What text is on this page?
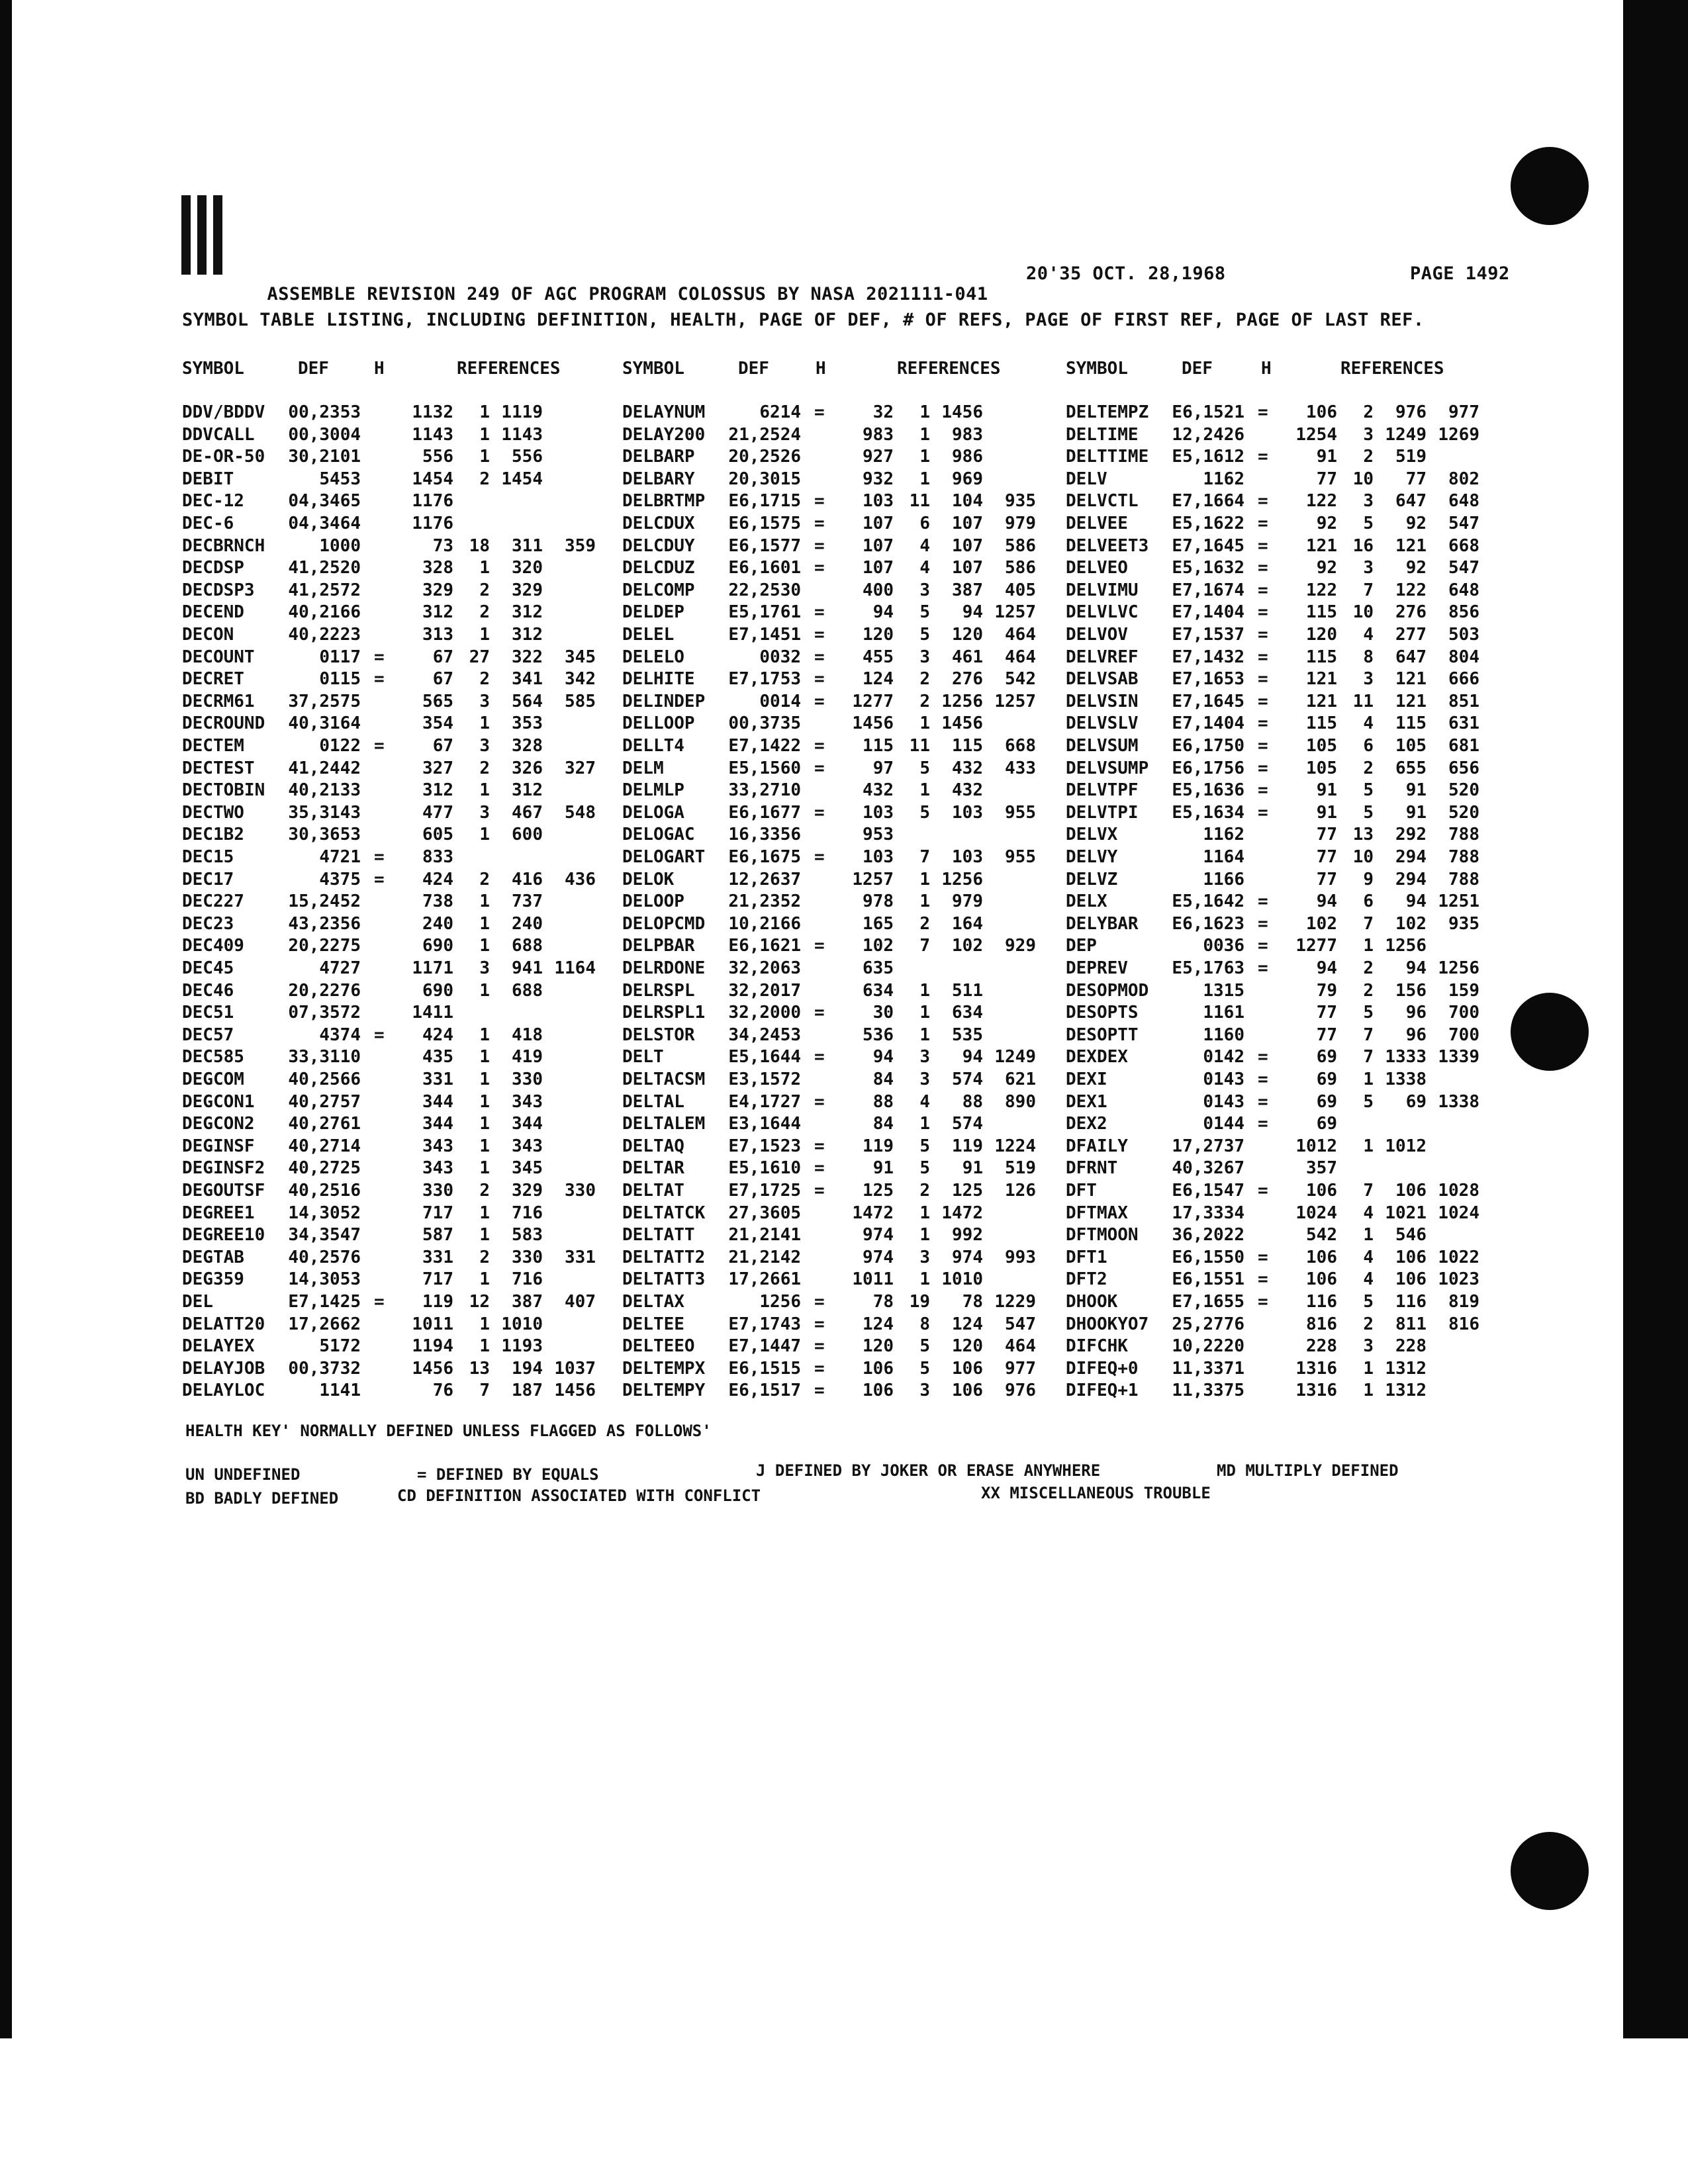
ASSEMBLE REVISION 249 OF AGC PROGRAM COLOSSUS BY NASA 2021111-041

20'35 OCT. 28,1968

	PAGE 1492

SYMBOL TABLE LISTING, INCLUDING DEFINITION, HEALTH, PAGE OF DEF, # OF REFS, PAGE OF FIRST REF, PAGE OF LAST REF.
SYMBOL	DEF	H	REFERENCES	SYMBOL	DEF	H	REFERENCES	SYMBOL	DEF	H	REFERENCES
DDV/BDDV	00,2353	1132	1 1119	DELAYNUM	6214 =	32	1 1456	DELTEMPZ	E6,1521 =	106	2	976	977
DDVCALL	00,3004	1143	1 1143	DELAY200	21,2524	983	1	983	DELTIME	12,2426	1254	3 1249 1269
DE-OR-50	30,2101	556	1	556	DELBARP	20,2526	927	1	986	DELTTIME	E5,1612 =	91	2	519
DEBIT	5453	1454	2 1454	DELBARY	20,3015	932	1	969	DELV	1162	77 10	77	802
DEC-12	04,3465	1176	DELBRTMP	E6,1715 =	103 11	104	935 DELVCTL	E7,1664 =	122	3	647	648
DEC-6	04,3464	1176	DELCDUX	E6,1575 =	107	6	107	979 DELVEE	E5,1622 =	92	5	92	547
DECBRNCH	1000	73 18	311	359 DELCDUY	E6,1577 =	107	4	107	586 DELVEET3	E7,1645 =	121 16	121	668
DECDSP	41,2520	328	1	320	DELCDUZ	E6,1601 =	107	4	107	586 DELVEO	E5,1632 =	92	3	92	547
DECDSP3	41,2572	329	2	329	DELCOMP	22,2530	400	3	387	405 DELVIMU	E7,1674 =	122	7	122	648
DECEND	40,2166	312	2	312	DELDEP	E5,1761 =	94	5	94 1257 DELVLVC	E7,1404 =	115 10	276	856
DECON	40,2223	313	1	312	DELEL	E7,1451 =	120	5	120	464 DELVOV	E7,1537 =	120	4	277	503
DECOUNT	0117 =	67 27	322	345 DELELO	0032 =	455	3	461	464 DELVREF	E7,1432 =	115	8	647	804
DECRET	0115 =	67	2	341	342 DELHITE	E7,1753 =	124	2	276	542 DELVSAB	E7,1653 =	121	3	121	666
DECRM61	37,2575	565	3	564	585 DELINDEP	0014 =	1277	2 1256 1257 DELVSIN	E7,1645 =	121 11	121	851
DECROUND	40,3164	354	1	353	DELLOOP	00,3735	1456	1 1456	DELVSLV	E7,1404 =	115	4	115	631
DECTEM	0122 =	67	3	328	DELLT4	E7,1422 =	115 11	115	668 DELVSUM	E6,1750 =	105	6	105	681
DECTEST	41,2442	327	2	326	327 DELM	E5,1560 =	97	5	432	433 DELVSUMP	E6,1756 =	105	2	655	656
DECTOBIN	40,2133	312	1	312	DELMLP	33,2710	432	1	432	DELVTPF	E5,1636 =	91	5	91	520
DECTWO	35,3143	477	3	467	548 DELOGA	E6,1677 =	103	5	103	955 DELVTPI	E5,1634 =	91	5	91	520
DEC1B2	30,3653	605	1	600	DELOGAC	16,3356	953	DELVX	1162	77 13	292	788
DEC15	4721 =	833	DELOGART	E6,1675 =	103	7	103	955 DELVY	1164	77 10	294	788
DEC17	4375 =	424	2	416	436 DELOK	12,2637	1257	1 1256	DELVZ	1166	77	9	294	788
DEC227	15,2452	738	1	737	DELOOP	21,2352	978	1	979	DELX	E5,1642 =	94	6	94 1251
DEC23	43,2356	240	1	240	DELOPCMD	10,2166	165	2	164	DELYBAR	E6,1623 =	102	7	102	935
DEC409	20,2275	690	1	688	DELPBAR	E6,1621 =	102	7	102	929 DEP	0036 =	1277	1 1256
DEC45	4727	1171	3	941 1164 DELRDONE	32,2063	635	DEPREV	E5,1763 =	94	2	94 1256
DEC46	20,2276	690	1	688	DELRSPL	32,2017	634	1	511	DESOPMOD	1315	79	2	156	159
DEC51	07,3572	1411	DELRSPL1	32,2000 =	30	1	634	DESOPTS	1161	77	5	96	700
DEC57	4374 =	424	1	418	DELSTOR	34,2453	536	1	535	DESOPTT	1160	77	7	96	700
DEC585	33,3110	435	1	419	DELT	E5,1644 =	94	3	94 1249 DEXDEX	0142 =	69	7 1333 1339
DEGCOM	40,2566	331	1	330	DELTACSM	E3,1572	84	3	574	621 DEXI	0143 =	69	1 1338
DEGCON1	40,2757	344	1	343	DELTAL	E4,1727 =	88	4	88	890 DEX1	0143 =	69	5	69 1338
DEGCON2	40,2761	344	1	344	DELTALEM	E3,1644	84	1	574	DEX2	0144 =	69
DEGINSF	40,2714	343	1	343	DELTAQ	E7,1523 =	119	5	119 1224 DFAILY	17,2737	1012	1 1012
DEGINSF2	40,2725	343	1	345	DELTAR	E5,1610 =	91	5	91	519 DFRNT	40,3267	357
DEGOUTSF	40,2516	330	2	329	330 DELTAT	E7,1725 =	125	2	125	126 DFT	E6,1547 =	106	7	106 1028
DEGREE1	14,3052	717	1	716	DELTATCK	27,3605	1472	1 1472	DFTMAX	17,3334	1024	4 1021 1024
DEGREE10	34,3547	587	1	583	DELTATT	21,2141	974	1	992	DFTMOON	36,2022	542	1	546
DEGTAB	40,2576	331	2	330	331 DELTATT2	21,2142	974	3	974	993 DFT1	E6,1550 =	106	4	106 1022
DEG359	14,3053	717	1	716	DELTATT3	17,2661	1011	1 1010	DFT2	E6,1551 =	106	4	106 1023
DEL	E7,1425 =	119 12	387	407 DELTAX	1256 =	78 19	78 1229 DHOOK	E7,1655 =	116	5	116	819
DELATT20	17,2662	1011	1 1010	DELTEE	E7,1743 =	124	8	124	547 DHOOKYO7	25,2776	816	2	811	816
DELAYEX	5172	1194	1 1193	DELTEEO	E7,1447 =	120	5	120	464 DIFCHK	10,2220	228	3	228
DELAYJOB	00,3732	1456 13	194 1037 DELTEMPX	E6,1515 =	106	5	106	977 DIFEQ+0	11,3371	1316	1 1312
DELAYLOC	1141	76	7	187 1456 DELTEMPY	E6,1517 =	106	3	106	976 DIFEQ+1	11,3375	1316	1 1312
HEALTH KEY' NORMALLY DEFINED UNLESS FLAGGED AS FOLLOWS'
UN UNDEFINED	= DEFINED BY EQUALS	J DEFINED BY JOKER OR ERASE ANYWHERE	MD MULTIPLY DEFINED
BD BADLY DEFINED	CD DEFINITION ASSOCIATED WITH CONFLICT	XX MISCELLANEOUS TROUBLE
